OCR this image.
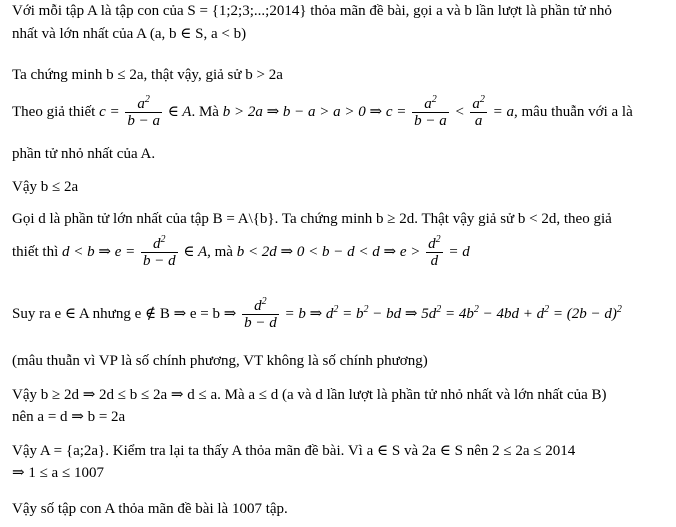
Với mỗi tập A là tập con của S = {1;2;3;...;2014} thỏa mãn đề bài, gọi a và b lần lượt là phần tử nhỏ
nhất và lớn nhất của A (a, b ∈ S, a < b)
Ta chứng minh b ≤ 2a, thật vậy, giả sử b > 2a
Theo giả thiết $c = \frac{a^2}{b - a}$ ∈ A. Mà b > 2a ⇒ b − a > a > 0 ⇒ $c = \frac{a^2}{b - a} < \frac{a^2}{a} = a$, mâu thuẫn với a là
phần tử nhỏ nhất của A.
Vậy b ≤ 2a
Gọi d là phần tử lớn nhất của tập B = A\{b}. Ta chứng minh b ≥ 2d. Thật vậy giả sử b < 2d, theo giả
thiết thì d < b ⇒ $e = \frac{d^2}{b - d}$ ∈ A, mà b < 2d ⇒ 0 < b − d < d ⇒ $e > \frac{d^2}{d} = d$
Suy ra e ∈ A nhưng e ∉ B ⇒ e = b ⇒ $\frac{d^2}{b - d} = b$ ⇒ $d^2 = b^2$ − bd ⇒ $5d^2 = 4b^2 - 4bd + d^2 = (2b - d)^2$
(mâu thuẫn vì VP là số chính phương, VT không là số chính phương)
Vậy b ≥ 2d ⇒ 2d ≤ b ≤ 2a ⇒ d ≤ a. Mà a ≤ d (a và d lần lượt là phần tử nhỏ nhất và lớn nhất của B)
nên a = d ⇒ b = 2a
Vậy A = {a;2a}. Kiểm tra lại ta thấy A thỏa mãn đề bài. Vì a ∈ S và 2a ∈ S nên 2 ≤ 2a ≤ 2014
⇒ 1 ≤ a ≤ 1007
Vậy số tập con A thỏa mãn đề bài là 1007 tập.
